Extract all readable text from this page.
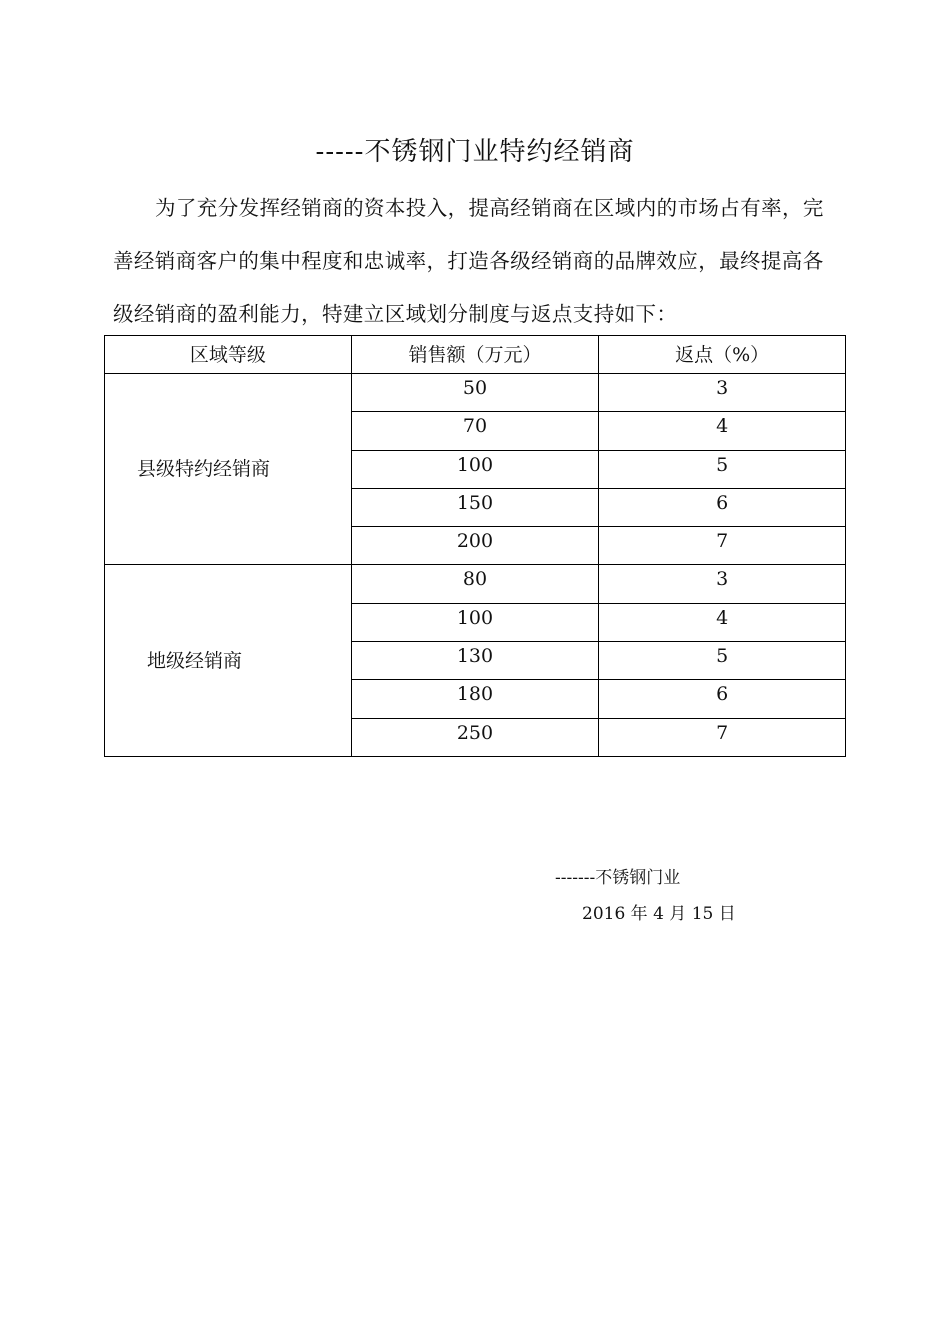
-----不锈钢门业特约经销商

为了充分发挥经销商的资本投入，提高经销商在区域内的市场占有率，完善经销商客户的集中程度和忠诚率，打造各级经销商的品牌效应，最终提高各级经销商的盈利能力，特建立区域划分制度与返点支持如下：

区域等级	销售额（万元）	返点（%）
县级特约经销商	50	3
	70	4
	100	5
	150	6
	200	7
地级经销商	80	3
	100	4
	130	5
	180	6
	250	7
-------不锈钢门业
2016 年 4 月 15 日
